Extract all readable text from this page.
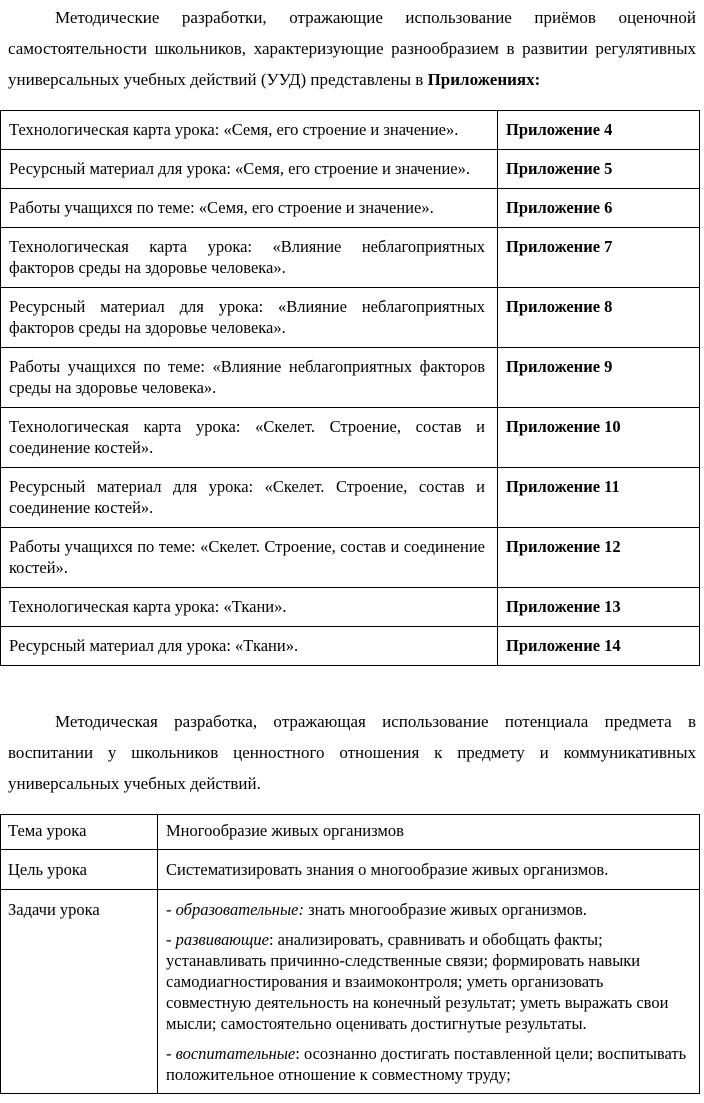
Методические разработки, отражающие использование приёмов оценочной самостоятельности школьников, характеризующие разнообразием в развитии регулятивных универсальных учебных действий (УУД) представлены в Приложениях:

Технологическая карта урока: «Семя, его строение и значение».	Приложение 4
Ресурсный материал для урока: «Семя, его строение и значение».	Приложение 5
Работы учащихся по теме: «Семя, его строение и значение».	Приложение 6
Технологическая карта урока: «Влияние неблагоприятных факторов среды на здоровье человека».	Приложение 7
Ресурсный материал для урока: «Влияние неблагоприятных факторов среды на здоровье человека».	Приложение 8
Работы учащихся по теме: «Влияние неблагоприятных факторов среды на здоровье человека».	Приложение 9
Технологическая карта урока: «Скелет. Строение, состав и соединение костей».	Приложение 10
Ресурсный материал для урока: «Скелет. Строение, состав и соединение костей».	Приложение 11
Работы учащихся по теме: «Скелет. Строение, состав и соединение костей».	Приложение 12
Технологическая карта урока: «Ткани».	Приложение 13
Ресурсный материал для урока: «Ткани».	Приложение 14

Методическая разработка, отражающая использование потенциала предмета в воспитании у школьников ценностного отношения к предмету и коммуникативных универсальных учебных действий.

Тема урока	Многообразие живых организмов
Цель урока	Систематизировать знания о многообразие живых организмов.
Задачи урока	- образовательные: знать многообразие живых организмов.

- развивающие: анализировать, сравнивать и обобщать факты; устанавливать причинно-следственные связи; формировать навыки самодиагностирования и взаимоконтроля; уметь организовать совместную деятельность на конечный результат; уметь выражать свои мысли; самостоятельно оценивать достигнутые результаты.

- воспитательные: осознанно достигать поставленной цели; воспитывать положительное отношение к совместному труду;
